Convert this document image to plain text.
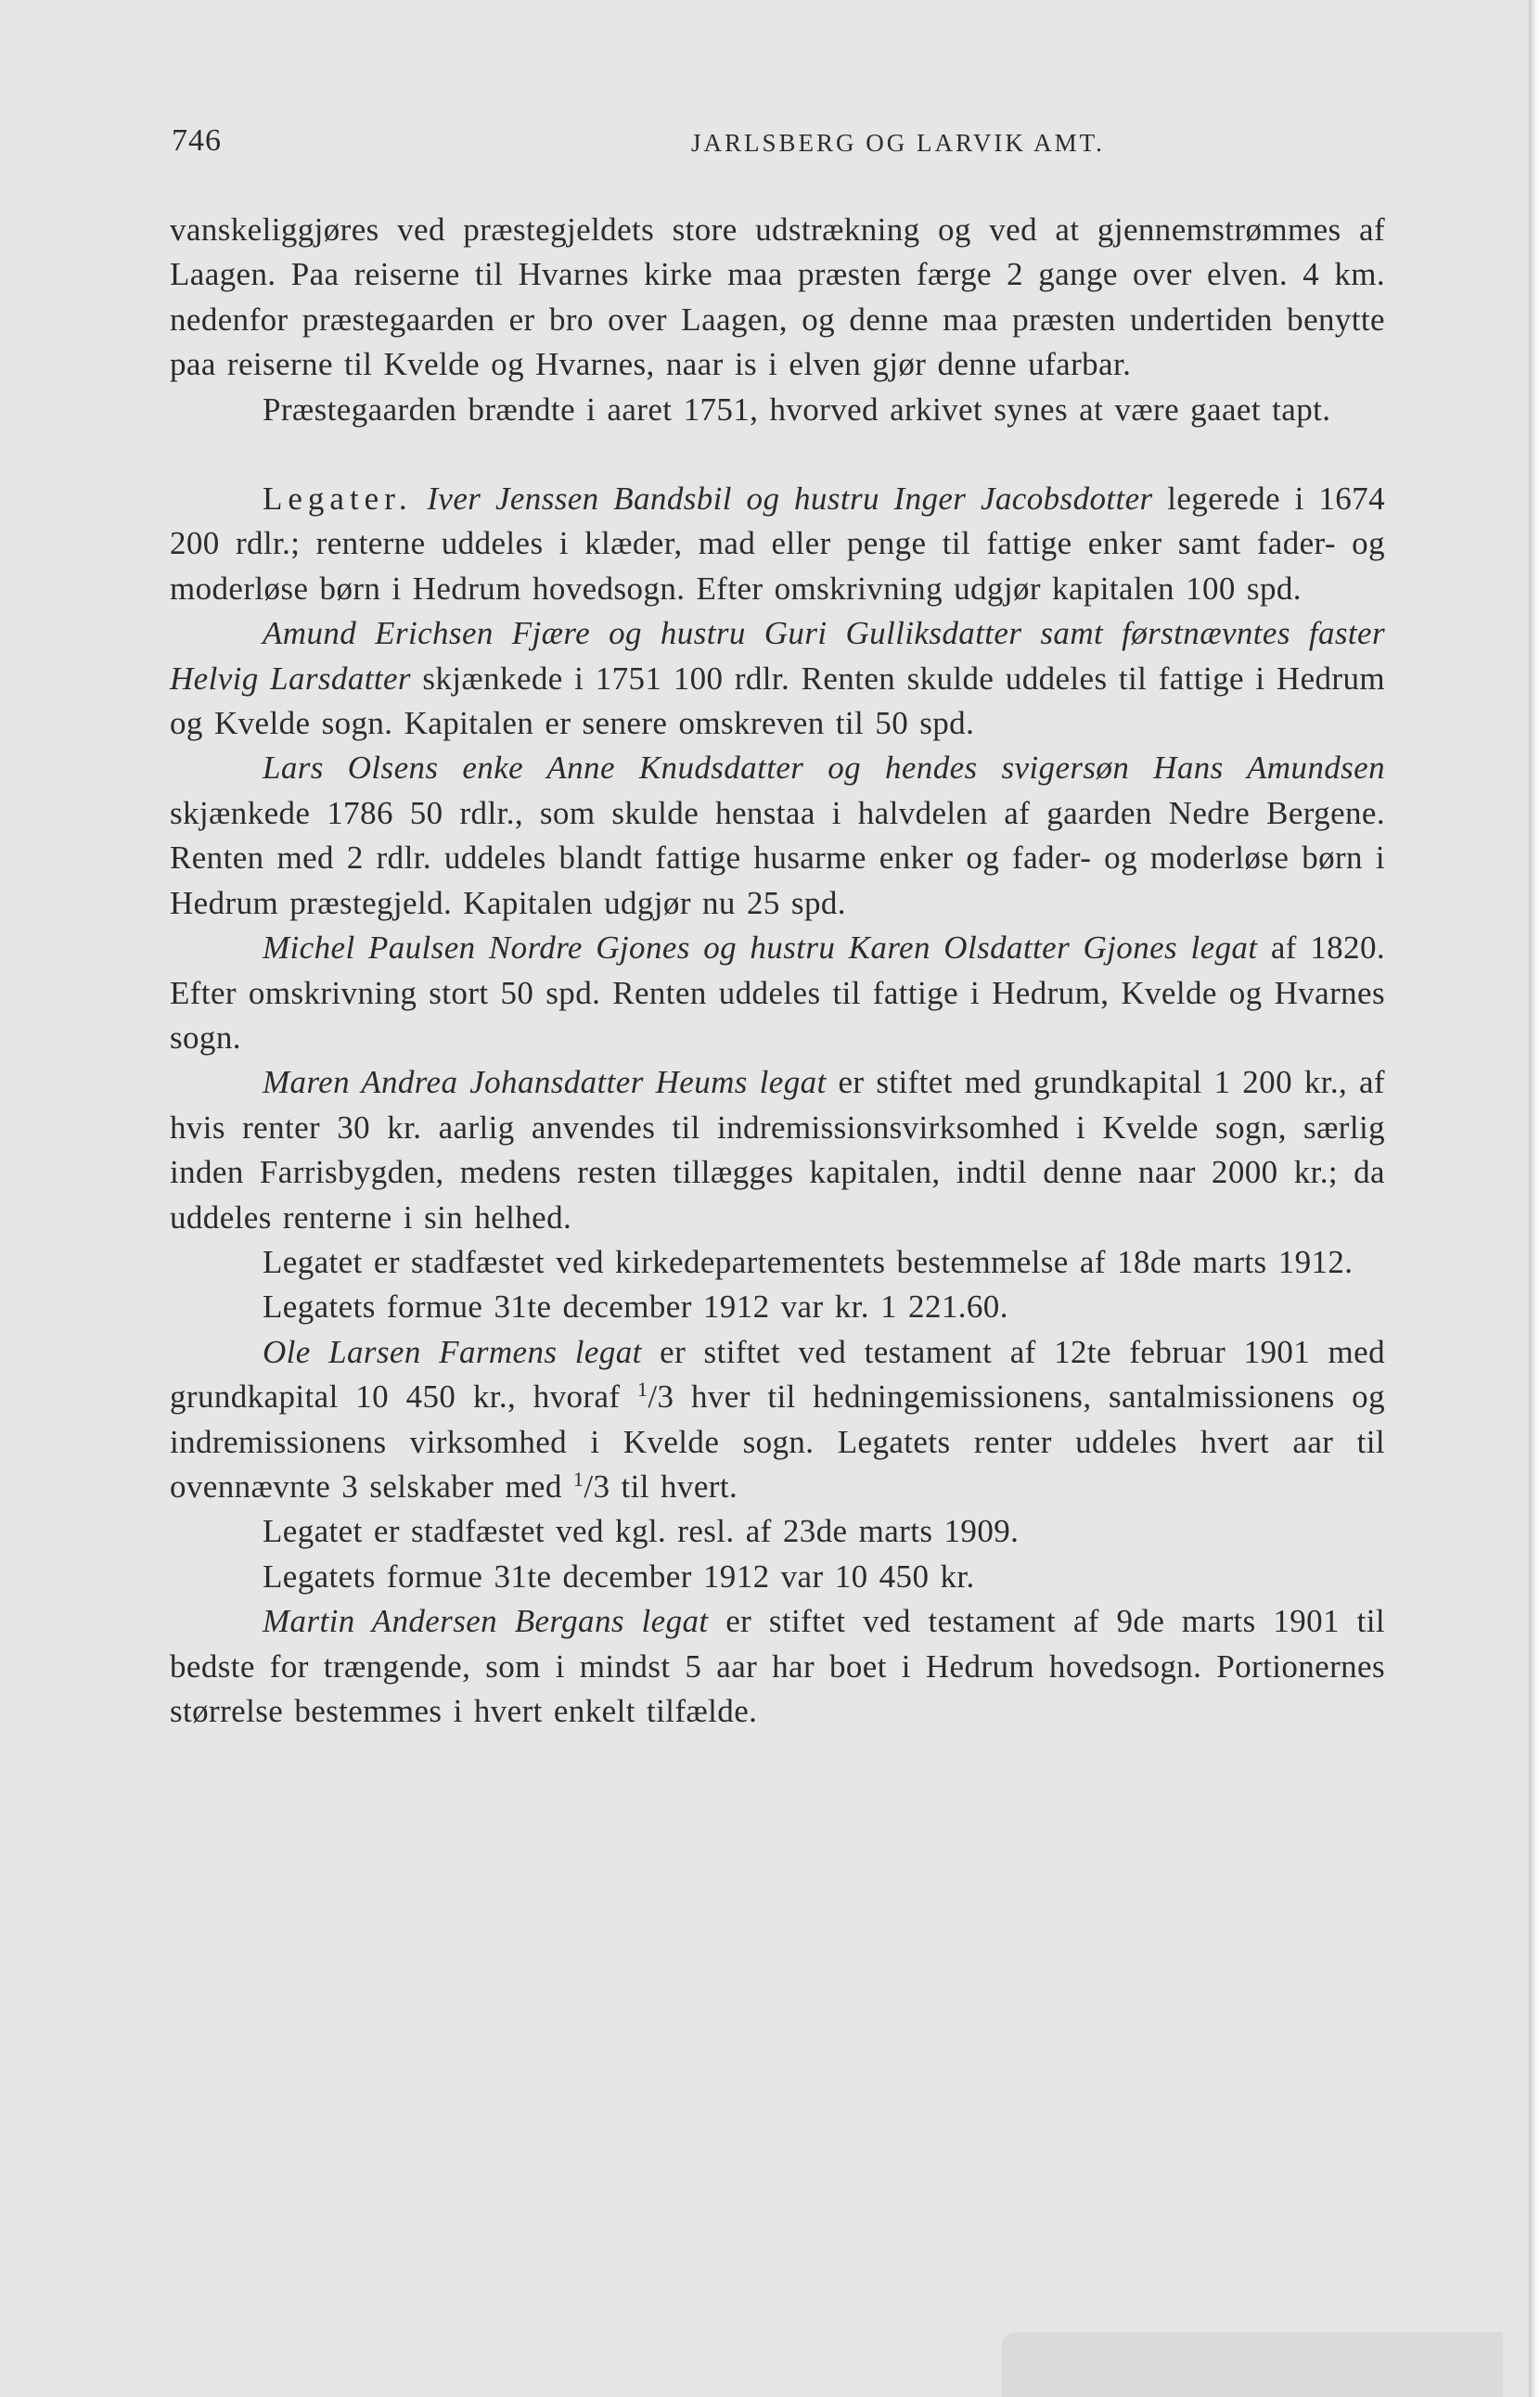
746	JARLSBERG OG LARVIK AMT.

vanskeliggjøres ved præstegjeldets store udstrækning og ved at gjennemstrømmes af Laagen. Paa reiserne til Hvarnes kirke maa præsten færge 2 gange over elven. 4 km. nedenfor præstegaarden er bro over Laagen, og denne maa præsten undertiden benytte paa reiserne til Kvelde og Hvarnes, naar is i elven gjør denne ufarbar.

Præstegaarden brændte i aaret 1751, hvorved arkivet synes at være gaaet tapt.

Legater. Iver Jenssen Bandsbil og hustru Inger Jacobsdotter legerede i 1674 200 rdlr.; renterne uddeles i klæder, mad eller penge til fattige enker samt fader- og moderløse børn i Hedrum hovedsogn. Efter omskrivning udgjør kapitalen 100 spd.

Amund Erichsen Fjære og hustru Guri Gulliksdatter samt førstnævntes faster Helvig Larsdatter skjænkede i 1751 100 rdlr. Renten skulde uddeles til fattige i Hedrum og Kvelde sogn. Kapitalen er senere omskreven til 50 spd.

Lars Olsens enke Anne Knudsdatter og hendes svigersøn Hans Amundsen skjænkede 1786 50 rdlr., som skulde henstaa i halvdelen af gaarden Nedre Bergene. Renten med 2 rdlr. uddeles blandt fattige husarme enker og fader- og moderløse børn i Hedrum præstegjeld. Kapitalen udgjør nu 25 spd.

Michel Paulsen Nordre Gjones og hustru Karen Olsdatter Gjones legat af 1820. Efter omskrivning stort 50 spd. Renten uddeles til fattige i Hedrum, Kvelde og Hvarnes sogn.

Maren Andrea Johansdatter Heums legat er stiftet med grundkapital 1 200 kr., af hvis renter 30 kr. aarlig anvendes til indremissionsvirksomhed i Kvelde sogn, særlig inden Farrisbygden, medens resten tillægges kapitalen, indtil denne naar 2000 kr.; da uddeles renterne i sin helhed.

Legatet er stadfæstet ved kirkedepartementets bestemmelse af 18de marts 1912.

Legatets formue 31te december 1912 var kr. 1 221.60.

Ole Larsen Farmens legat er stiftet ved testament af 12te februar 1901 med grundkapital 10 450 kr., hvoraf $^1$/3 hver til hedningemissionens, santalmissionens og indremissionens virksomhed i Kvelde sogn. Legatets renter uddeles hvert aar til ovennævnte 3 selskaber med $^1$/3 til hvert.

Legatet er stadfæstet ved kgl. resl. af 23de marts 1909.

Legatets formue 31te december 1912 var 10 450 kr.

Martin Andersen Bergans legat er stiftet ved testament af 9de marts 1901 til bedste for trængende, som i mindst 5 aar har boet i Hedrum hovedsogn. Portionernes størrelse bestemmes i hvert enkelt tilfælde.
